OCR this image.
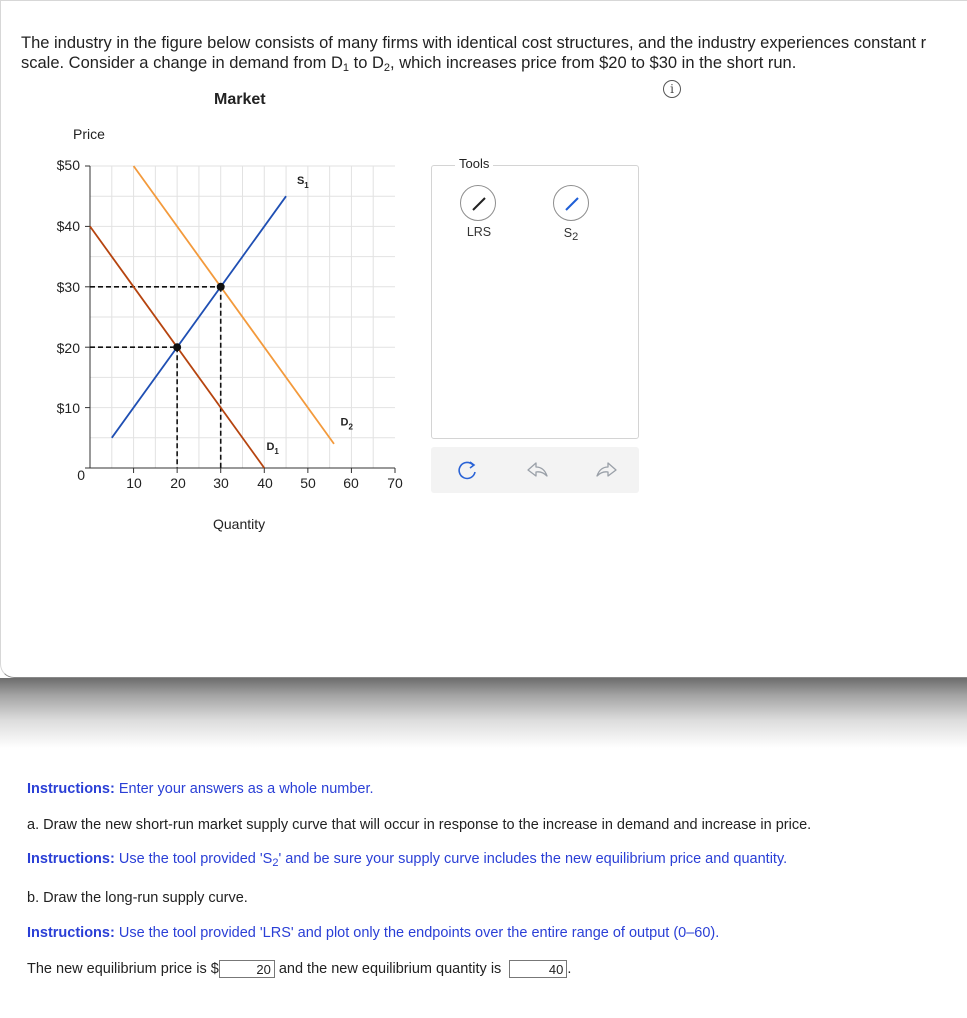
The industry in the figure below consists of many firms with identical cost structures, and the industry experiences constant r
scale. Consider a change in demand from $D_1$ to $D_2$, which increases price from $20 to $30 in the short run.
i
Market
Price
Quantity
$50
$40
$30
$20
$10
0	10	20	30	40	50	60	70
$S_1$
$D_1$
$D_2$
Tools
LRS	$S_2$
Instructions: Enter your answers as a whole number.
a. Draw the new short-run market supply curve that will occur in response to the increase in demand and increase in price.
Instructions: Use the tool provided '$S_2$' and be sure your supply curve includes the new equilibrium price and quantity.
b. Draw the long-run supply curve.
Instructions: Use the tool provided 'LRS' and plot only the endpoints over the entire range of output (0–60).
The new equilibrium price is $	20 and the new equilibrium quantity is	40 .
